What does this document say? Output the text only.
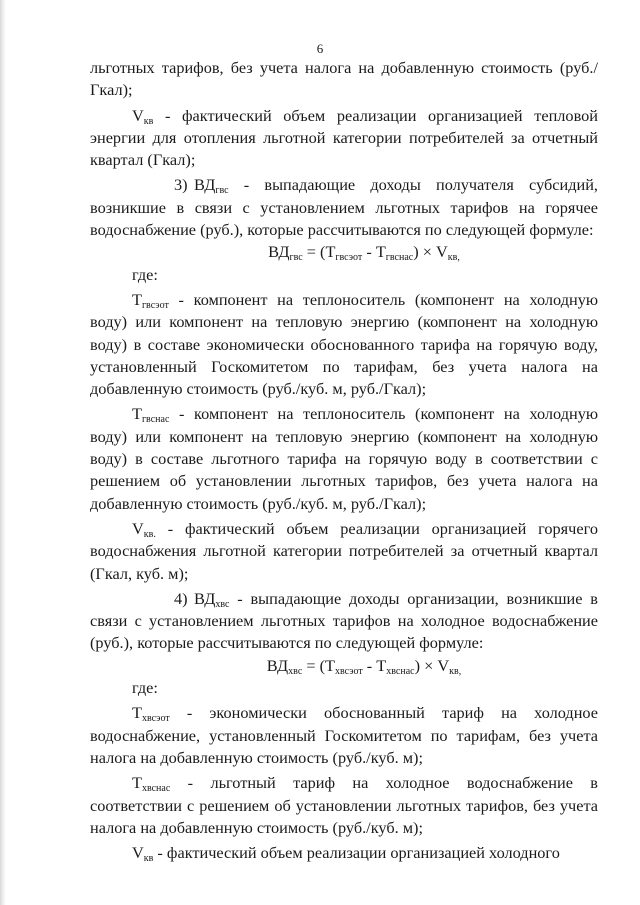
6

льготных тарифов, без учета налога на добавленную стоимость (руб./Гкал);

$V_{кв}$ - фактический объем реализации организацией тепловой энергии для отопления льготной категории потребителей за отчетный квартал (Гкал);

3) $ВД_{гвс}$ - выпадающие доходы получателя субсидий, возникшие в связи с установлением льготных тарифов на горячее водоснабжение (руб.), которые рассчитываются по следующей формуле:

$ВД_{гвс} = (Т_{гвсэот} - Т_{гвснас}) \times V_{кв,}$

где:

$Т_{гвсэот}$ - компонент на теплоноситель (компонент на холодную воду) или компонент на тепловую энергию (компонент на холодную воду) в составе экономически обоснованного тарифа на горячую воду, установленный Госкомитетом по тарифам, без учета налога на добавленную стоимость (руб./куб. м, руб./Гкал);

$Т_{гвснас}$ - компонент на теплоноситель (компонент на холодную воду) или компонент на тепловую энергию (компонент на холодную воду) в составе льготного тарифа на горячую воду в соответствии с решением об установлении льготных тарифов, без учета налога на добавленную стоимость (руб./куб. м, руб./Гкал);

$V_{кв.}$ - фактический объем реализации организацией горячего водоснабжения льготной категории потребителей за отчетный квартал (Гкал, куб. м);

4) $ВД_{хвс}$ - выпадающие доходы организации, возникшие в связи с установлением льготных тарифов на холодное водоснабжение (руб.), которые рассчитываются по следующей формуле:

$ВД_{хвс} = (Т_{хвсэот} - Т_{хвснас}) \times V_{кв,}$

где:

$Т_{хвсэот}$ - экономически обоснованный тариф на холодное водоснабжение, установленный Госкомитетом по тарифам, без учета налога на добавленную стоимость (руб./куб. м);

$Т_{хвснас}$ - льготный тариф на холодное водоснабжение в соответствии с решением об установлении льготных тарифов, без учета налога на добавленную стоимость (руб./куб. м);

$V_{кв}$ - фактический объем реализации организацией холодного
